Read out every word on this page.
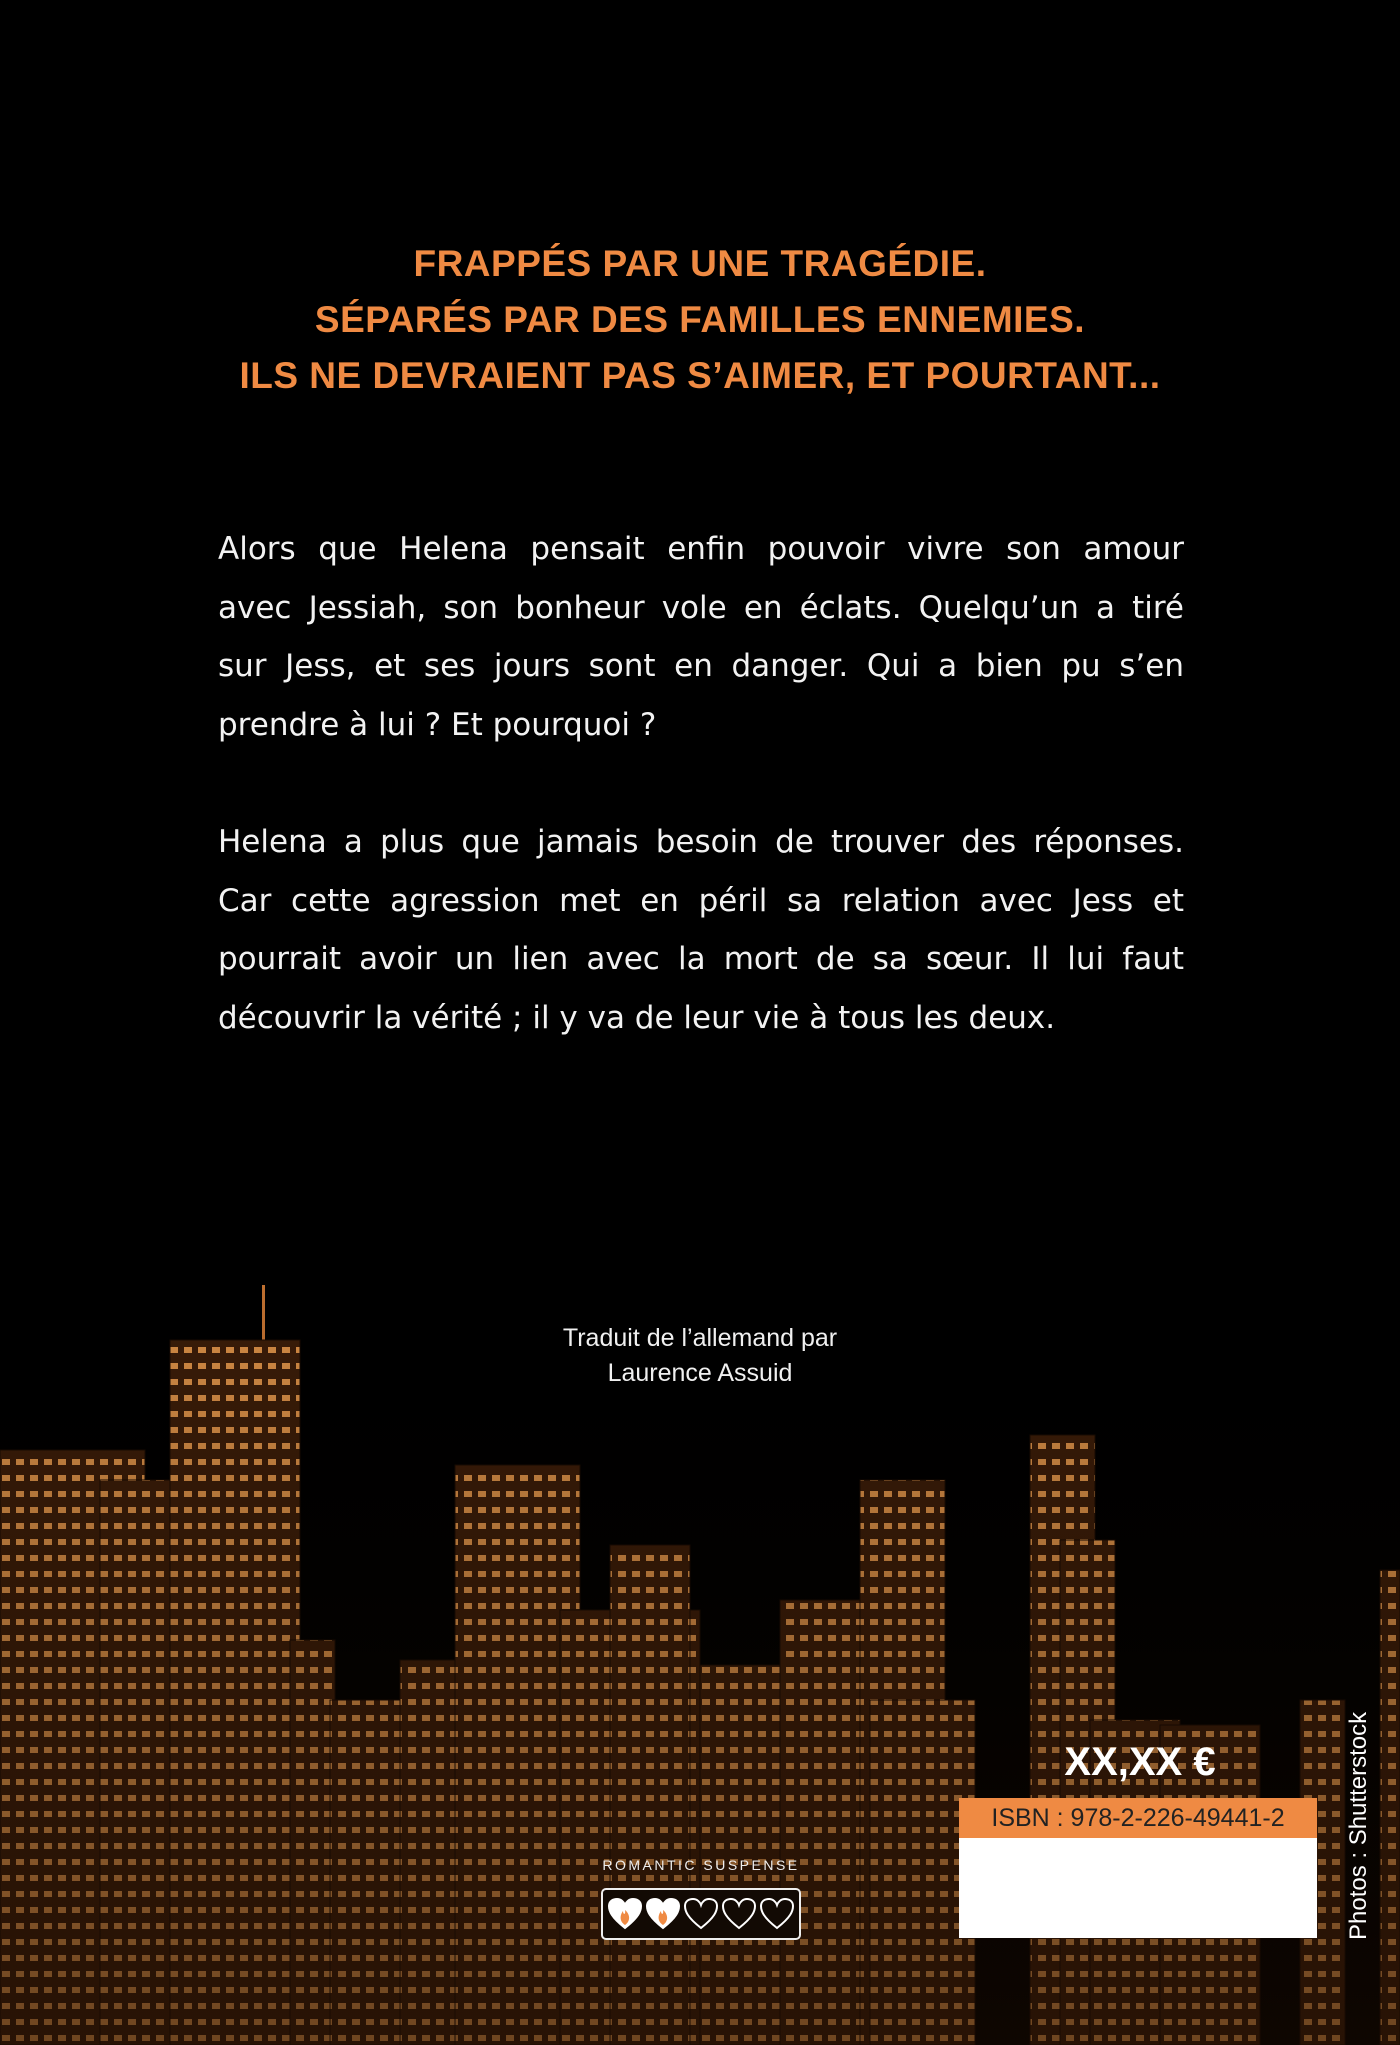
FRAPPÉS PAR UNE TRAGÉDIE.
SÉPARÉS PAR DES FAMILLES ENNEMIES.
ILS NE DEVRAIENT PAS S’AIMER, ET POURTANT...
Alors que Helena pensait enfin pouvoir vivre son amour
avec Jessiah, son bonheur vole en éclats. Quelqu’un a tiré
sur Jess, et ses jours sont en danger. Qui a bien pu s’en
prendre à lui ? Et pourquoi ?
Helena a plus que jamais besoin de trouver des réponses.
Car cette agression met en péril sa relation avec Jess et
pourrait avoir un lien avec la mort de sa sœur. Il lui faut
découvrir la vérité ; il y va de leur vie à tous les deux.
Traduit de l’allemand par
Laurence Assuid
XX,XX €
ISBN : 978-2-226-49441-2
ROMANTIC SUSPENSE	Photos : Shutterstock
